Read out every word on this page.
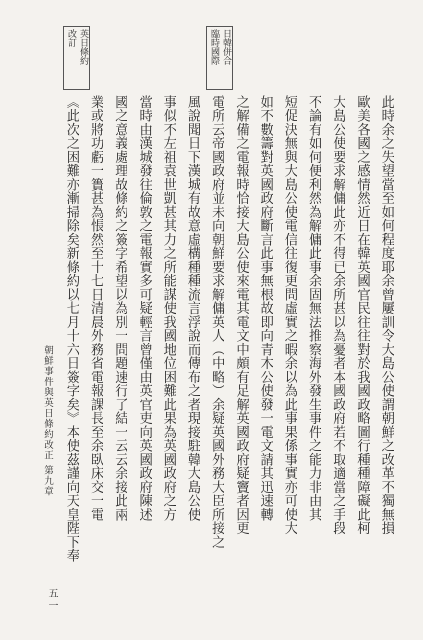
日韓併合
臨時國際
英日條約
改訂
此時余之失望當至如何程度耶余曾屢訓令大島公使謂朝鮮之改革不獨無損
歐美各國之感情然近日在韓英國官民往往對於我國政略圖行種種障礙此柯
大島公使要求解傭此亦不得已余所甚以為憂者本國政府若不取適當之手段
不論有如何便利然為解傭此事余固無法推察海外發生事件之能力非由其
短促決無與大島公使電信往復更問虛實之暇余以為此事果係事實亦可使大
如不數籌對英國政府斷言此事無根故即向青木公使發一電文請其迅速轉
之解備之電報時恰接大島公使來電其電文中頗有足解英國政府疑竇者因更
電所云帝國政府並未向朝鮮要求解傭英人（中略）余疑英國外務大臣所接之
風說聞日下漢城有故意虛構種種流言浮說而傳布之者現接駐韓大島公使
事似不左祖袁世凱甚其力之所能謀使我國地位困難此果為英國政府之方
當時由漢城發往倫敦之電報實多可疑輕言曾僅由英官吏向英國政府陳述
國之意義處理故條約之簽字希望以為別一問題速行了結一云云余接此兩
業或將功虧一簣甚為悵然至十七日清晨外務省電報課長至余臥床交一電
《此次之困難亦漸掃除矣新條約以七月十六日簽字矣》本使茲謹向天皇陛下奉
第九章
朝鮮事件與英日條約改正
五一
